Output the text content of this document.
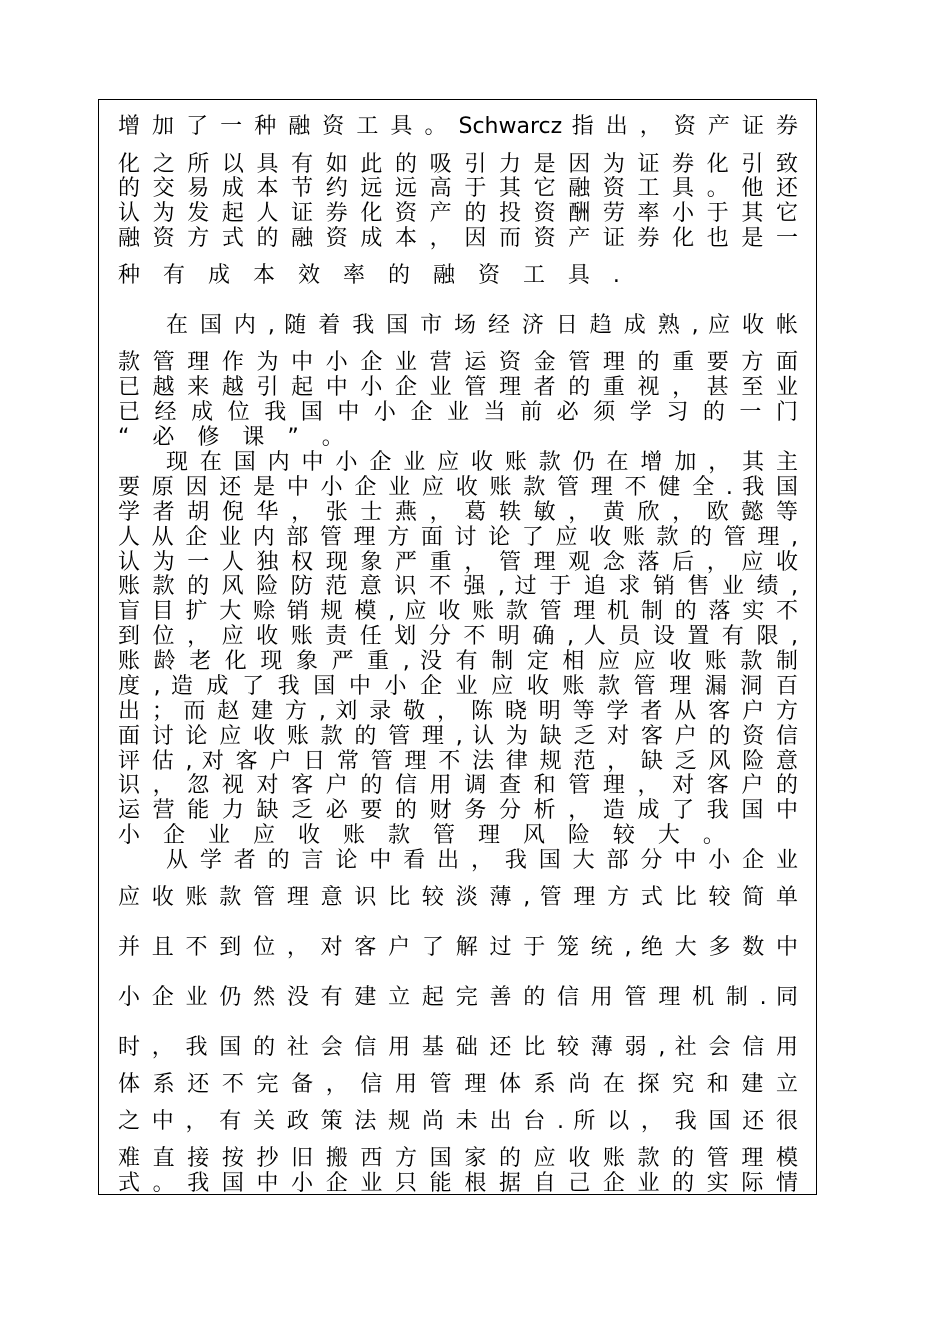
增 加 了 一 种 融 资 工 具 。 Schwarcz 指 出 ， 资 产 证 券
化 之 所 以 具 有 如 此 的 吸 引 力 是 因 为 证 券 化 引 致
的 交 易 成 本 节 约 远 远 高 于 其 它 融 资 工 具 。 他 还
认 为 发 起 人 证 券 化 资 产 的 投 资 酬 劳 率 小 于 其 它
融 资 方 式 的 融 资 成 本 ， 因 而 资 产 证 券 化 也 是 一
种 有 成 本 效 率 的 融 资 工 具 .
在 国 内 , 随 着 我 国 市 场 经 济 日 趋 成 熟 , 应 收 帐
款 管 理 作 为 中 小 企 业 营 运 资 金 管 理 的 重 要 方 面
已 越 来 越 引 起 中 小 企 业 管 理 者 的 重 视 ， 甚 至 业
已 经 成 位 我 国 中 小 企 业 当 前 必 须 学 习 的 一 门
“ 必 修 课 ” 。
现 在 国 内 中 小 企 业 应 收 账 款 仍 在 增 加 ， 其 主
要 原 因 还 是 中 小 企 业 应 收 账 款 管 理 不 健 全 . 我 国
学 者 胡 倪 华 ， 张 士 燕 ， 葛 轶 敏 ， 黄 欣 ， 欧 懿 等
人 从 企 业 内 部 管 理 方 面 讨 论 了 应 收 账 款 的 管 理 ,
认 为 一 人 独 权 现 象 严 重 ， 管 理 观 念 落 后 ， 应 收
账 款 的 风 险 防 范 意 识 不 强 , 过 于 追 求 销 售 业 绩 ,
盲 目 扩 大 赊 销 规 模 , 应 收 账 款 管 理 机 制 的 落 实 不
到 位 ， 应 收 账 责 任 划 分 不 明 确 , 人 员 设 置 有 限 ,
账 龄 老 化 现 象 严 重 , 没 有 制 定 相 应 应 收 账 款 制
度 , 造 成 了 我 国 中 小 企 业 应 收 账 款 管 理 漏 洞 百
出 ； 而 赵 建 方 , 刘 录 敬 ， 陈 晓 明 等 学 者 从 客 户 方
面 讨 论 应 收 账 款 的 管 理 , 认 为 缺 乏 对 客 户 的 资 信
评 估 , 对 客 户 日 常 管 理 不 法 律 规 范 ， 缺 乏 风 险 意
识 ， 忽 视 对 客 户 的 信 用 调 查 和 管 理 ， 对 客 户 的
运 营 能 力 缺 乏 必 要 的 财 务 分 析 ， 造 成 了 我 国 中
小 企 业 应 收 账 款 管 理 风 险 较 大 。
从 学 者 的 言 论 中 看 出 ， 我 国 大 部 分 中 小 企 业
应 收 账 款 管 理 意 识 比 较 淡 薄 , 管 理 方 式 比 较 简 单
并 且 不 到 位 ， 对 客 户 了 解 过 于 笼 统 , 绝 大 多 数 中
小 企 业 仍 然 没 有 建 立 起 完 善 的 信 用 管 理 机 制 . 同
时 ， 我 国 的 社 会 信 用 基 础 还 比 较 薄 弱 , 社 会 信 用
体 系 还 不 完 备 ， 信 用 管 理 体 系 尚 在 探 究 和 建 立
之 中 ， 有 关 政 策 法 规 尚 未 出 台 . 所 以 ， 我 国 还 很
难 直 接 按 抄 旧 搬 西 方 国 家 的 应 收 账 款 的 管 理 模
式 。 我 国 中 小 企 业 只 能 根 据 自 己 企 业 的 实 际 情
